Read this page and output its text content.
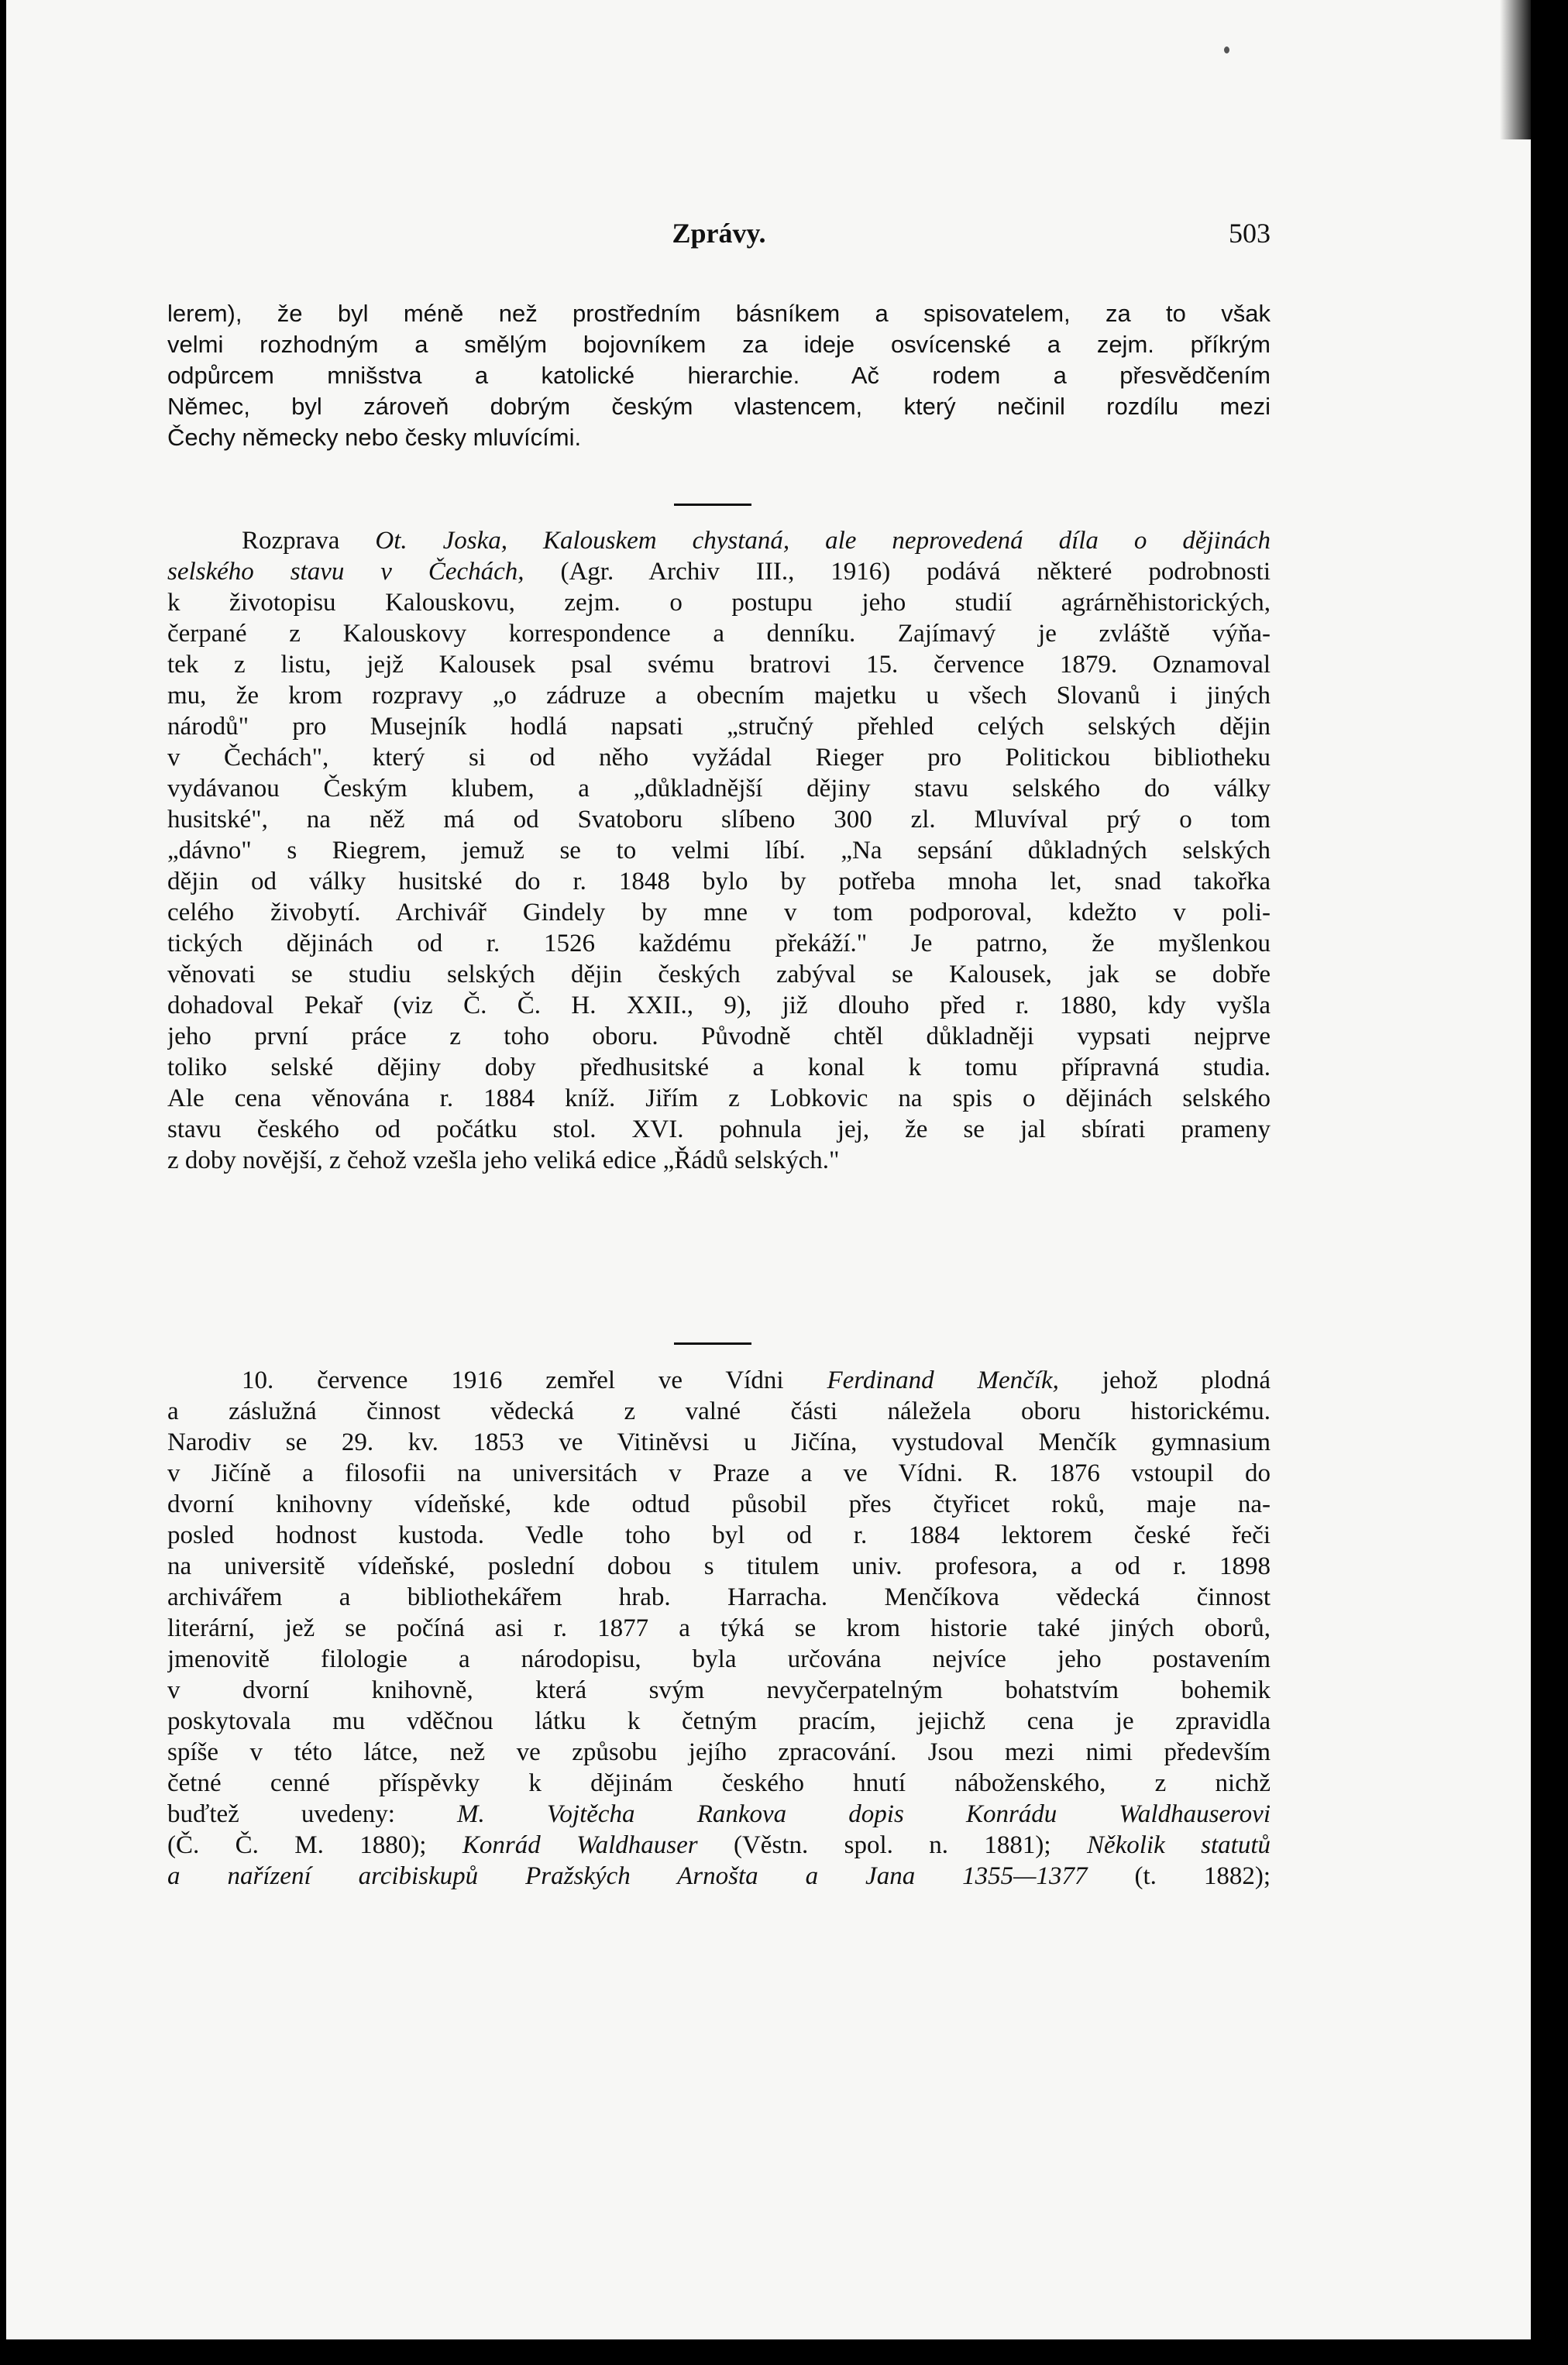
Zprávy.	503
lerem), že byl méně než prostředním básníkem a spisovatelem, za to však
velmi rozhodným a smělým bojovníkem za ideje osvícenské a zejm. příkrým
odpůrcem mnišstva a katolické hierarchie. Ač rodem a přesvědčením
Němec, byl zároveň dobrým českým vlastencem, který nečinil rozdílu mezi
Čechy německy nebo česky mluvícími.
Rozprava Ot. Joska, Kalouskem chystaná, ale neprovedená díla o dějinách
selského stavu v Čechách, (Agr. Archiv III., 1916) podává některé podrobnosti
k životopisu Kalouskovu, zejm. o postupu jeho studií agrárněhistorických,
čerpané z Kalouskovy korrespondence a denníku. Zajímavý je zvláště výňa-
tek z listu, jejž Kalousek psal svému bratrovi 15. července 1879. Oznamoval
mu, že krom rozpravy „o zádruze a obecním majetku u všech Slovanů i jiných
národů" pro Musejník hodlá napsati „stručný přehled celých selských dějin
v Čechách", který si od něho vyžádal Rieger pro Politickou bibliotheku
vydávanou Českým klubem, a „důkladnější dějiny stavu selského do války
husitské", na něž má od Svatoboru slíbeno 300 zl. Mluvíval prý o tom
„dávno" s Riegrem, jemuž se to velmi líbí. „Na sepsání důkladných selských
dějin od války husitské do r. 1848 bylo by potřeba mnoha let, snad takořka
celého živobytí. Archivář Gindely by mne v tom podporoval, kdežto v poli-
tických dějinách od r. 1526 každému překáží." Je patrno, že myšlenkou
věnovati se studiu selských dějin českých zabýval se Kalousek, jak se dobře
dohadoval Pekař (viz Č. Č. H. XXII., 9), již dlouho před r. 1880, kdy vyšla
jeho první práce z toho oboru. Původně chtěl důkladněji vypsati nejprve
toliko selské dějiny doby předhusitské a konal k tomu přípravná studia.
Ale cena věnována r. 1884 kníž. Jiřím z Lobkovic na spis o dějinách selského
stavu českého od počátku stol. XVI. pohnula jej, že se jal sbírati prameny
z doby novější, z čehož vzešla jeho veliká edice „Řádů selských."
10. července 1916 zemřel ve Vídni Ferdinand Menčík, jehož plodná
a záslužná činnost vědecká z valné části náležela oboru historickému.
Narodiv se 29. kv. 1853 ve Vitiněvsi u Jičína, vystudoval Menčík gymnasium
v Jičíně a filosofii na universitách v Praze a ve Vídni. R. 1876 vstoupil do
dvorní knihovny vídeňské, kde odtud působil přes čtyřicet roků, maje na-
posled hodnost kustoda. Vedle toho byl od r. 1884 lektorem české řeči
na universitě vídeňské, poslední dobou s titulem univ. profesora, a od r. 1898
archivářem a bibliothekářem hrab. Harracha. Menčíkova vědecká činnost
literární, jež se počíná asi r. 1877 a týká se krom historie také jiných oborů,
jmenovitě filologie a národopisu, byla určována nejvíce jeho postavením
v dvorní knihovně, která svým nevyčerpatelným bohatstvím bohemik
poskytovala mu vděčnou látku k četným pracím, jejichž cena je zpravidla
spíše v této látce, než ve způsobu jejího zpracování. Jsou mezi nimi především
četné cenné příspěvky k dějinám českého hnutí náboženského, z nichž
buďtež uvedeny: M. Vojtěcha Rankova dopis Konrádu Waldhauserovi
(Č. Č. M. 1880); Konrád Waldhauser (Věstn. spol. n. 1881); Několik statutů
a nařízení arcibiskupů Pražských Arnošta a Jana 1355—1377 (t. 1882);
